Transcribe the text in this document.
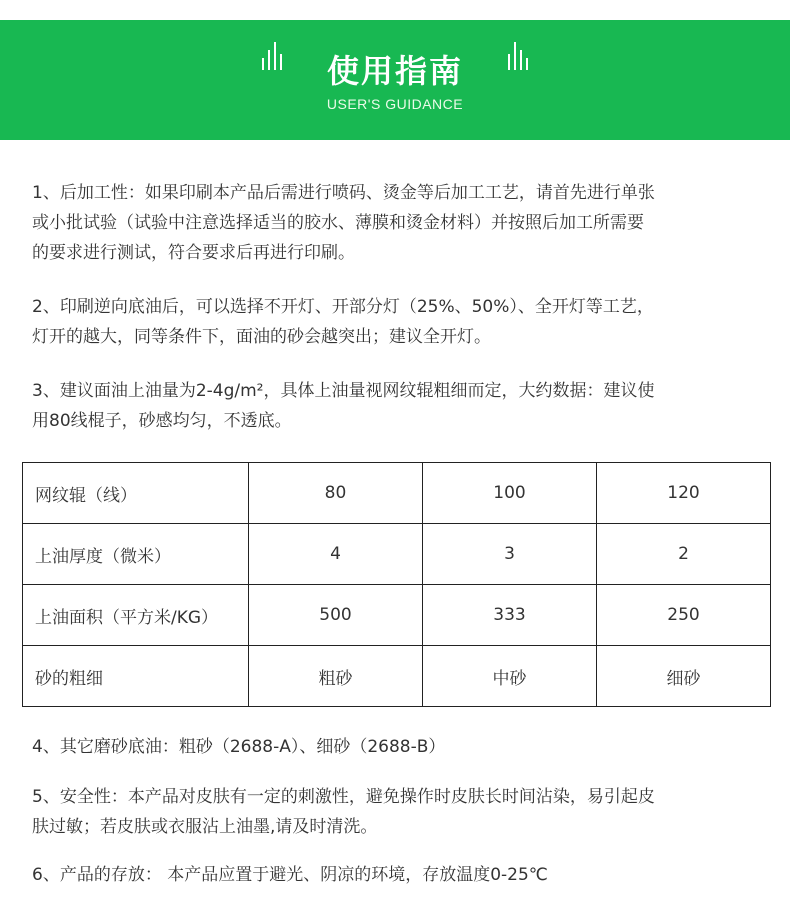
使用指南
USER'S GUIDANCE
1、后加工性：如果印刷本产品后需进行喷码、烫金等后加工工艺，请首先进行单张
或小批试验（试验中注意选择适当的胶水、薄膜和烫金材料）并按照后加工所需要
的要求进行测试，符合要求后再进行印刷。
2、印刷逆向底油后，可以选择不开灯、开部分灯（25%、50%）、全开灯等工艺，
灯开的越大，同等条件下，面油的砂会越突出；建议全开灯。
3、建议面油上油量为2-4g/m²，具体上油量视网纹辊粗细而定，大约数据：建议使
用80线棍子，砂感均匀，不透底。
网纹辊（线）	80	100	120
上油厚度（微米）	4	3	2
上油面积（平方米/KG）	500	333	250
砂的粗细	粗砂	中砂	细砂
4、其它磨砂底油：粗砂（2688-A）、细砂（2688-B）
5、安全性：本产品对皮肤有一定的刺激性，避免操作时皮肤长时间沾染，易引起皮
肤过敏；若皮肤或衣服沾上油墨,请及时清洗。
6、产品的存放： 本产品应置于避光、阴凉的环境，存放温度0-25℃
